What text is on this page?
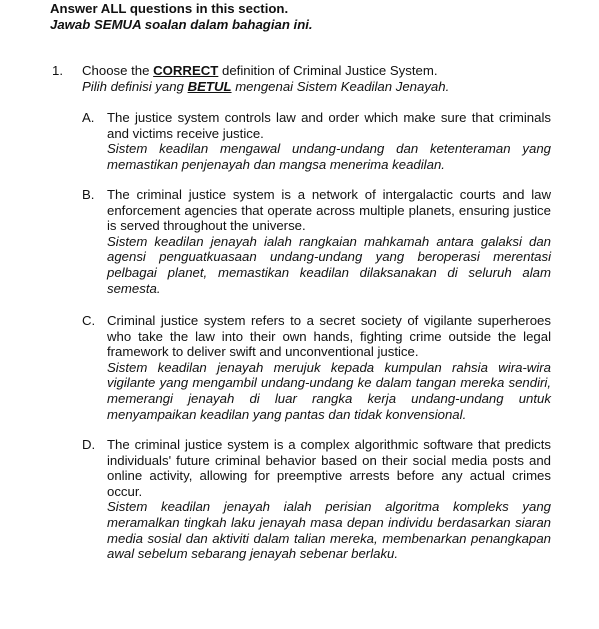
Answer ALL questions in this section.
Jawab SEMUA soalan dalam bahagian ini.
1. Choose the CORRECT definition of Criminal Justice System.
Pilih definisi yang BETUL mengenai Sistem Keadilan Jenayah.
A. The justice system controls law and order which make sure that criminals and victims receive justice.
Sistem keadilan mengawal undang-undang dan ketenteraman yang memastikan penjenayah dan mangsa menerima keadilan.
B. The criminal justice system is a network of intergalactic courts and law enforcement agencies that operate across multiple planets, ensuring justice is served throughout the universe.
Sistem keadilan jenayah ialah rangkaian mahkamah antara galaksi dan agensi penguatkuasaan undang-undang yang beroperasi merentasi pelbagai planet, memastikan keadilan dilaksanakan di seluruh alam semesta.
C. Criminal justice system refers to a secret society of vigilante superheroes who take the law into their own hands, fighting crime outside the legal framework to deliver swift and unconventional justice.
Sistem keadilan jenayah merujuk kepada kumpulan rahsia wira-wira vigilante yang mengambil undang-undang ke dalam tangan mereka sendiri, memerangi jenayah di luar rangka kerja undang-undang untuk menyampaikan keadilan yang pantas dan tidak konvensional.
D. The criminal justice system is a complex algorithmic software that predicts individuals' future criminal behavior based on their social media posts and online activity, allowing for preemptive arrests before any actual crimes occur.
Sistem keadilan jenayah ialah perisian algoritma kompleks yang meramalkan tingkah laku jenayah masa depan individu berdasarkan siaran media sosial dan aktiviti dalam talian mereka, membenarkan penangkapan awal sebelum sebarang jenayah sebenar berlaku.
